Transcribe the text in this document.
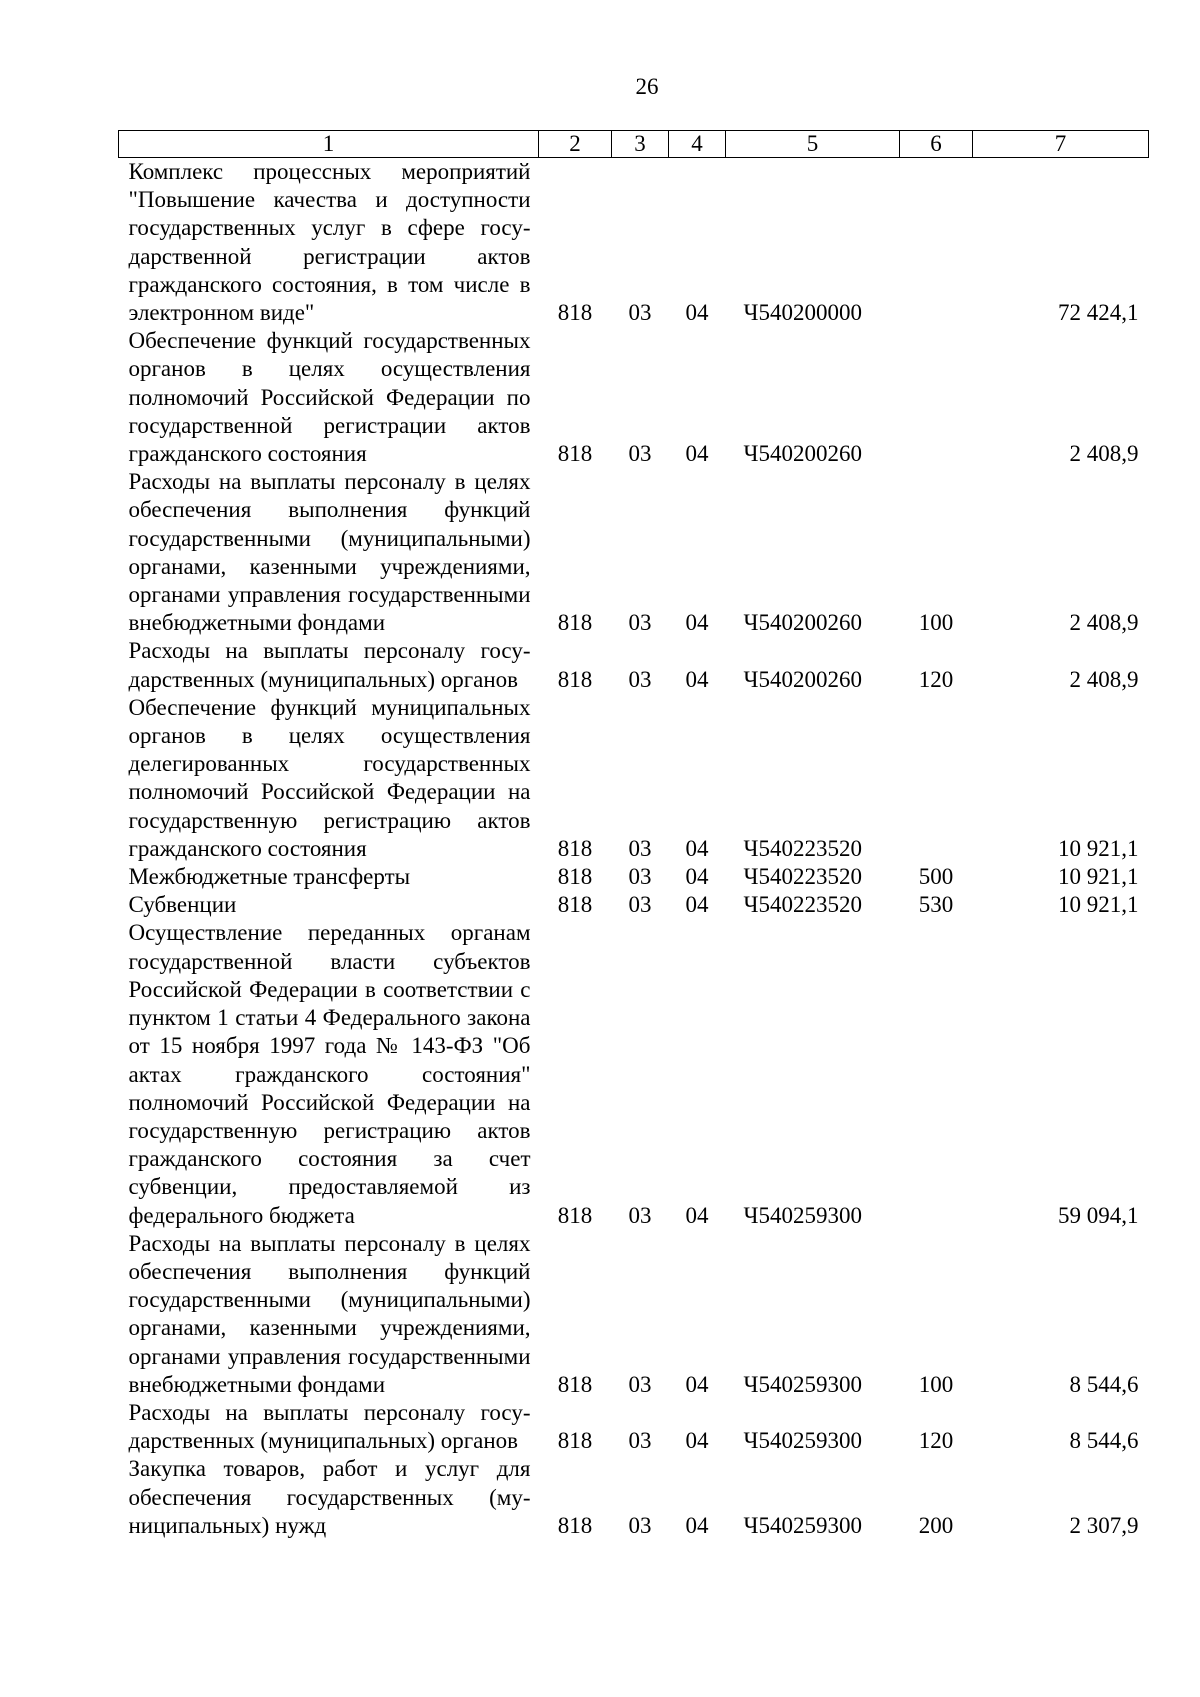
26
1	2	3	4	5	6	7
Комплекс процессных мероприятий "Повышение качества и доступности государственных услуг в сфере государственной регистрации актов гражданского состояния, в том числе в электронном виде"	818	03	04	Ч540200000		72 424,1
Обеспечение функций государственных органов в целях осуществления полномочий Российской Федерации по государственной регистрации актов гражданского состояния	818	03	04	Ч540200260		2 408,9
Расходы на выплаты персоналу в целях обеспечения выполнения функций государственными (муниципальными) органами, казенными учреждениями, органами управления государственными внебюджетными фондами	818	03	04	Ч540200260	100	2 408,9
Расходы на выплаты персоналу государственных (муниципальных) органов	818	03	04	Ч540200260	120	2 408,9
Обеспечение функций муниципальных органов в целях осуществления делегированных государственных полномочий Российской Федерации на государственную регистрацию актов гражданского состояния	818	03	04	Ч540223520		10 921,1
Межбюджетные трансферты	818	03	04	Ч540223520	500	10 921,1
Субвенции	818	03	04	Ч540223520	530	10 921,1
Осуществление переданных органам государственной власти субъектов Российской Федерации в соответствии с пунктом 1 статьи 4 Федерального закона от 15 ноября 1997 года № 143-ФЗ "Об актах гражданского состояния" полномочий Российской Федерации на государственную регистрацию актов гражданского состояния за счет субвенции, предоставляемой из федерального бюджета	818	03	04	Ч540259300		59 094,1
Расходы на выплаты персоналу в целях обеспечения выполнения функций государственными (муниципальными) органами, казенными учреждениями, органами управления государственными внебюджетными фондами	818	03	04	Ч540259300	100	8 544,6
Расходы на выплаты персоналу государственных (муниципальных) органов	818	03	04	Ч540259300	120	8 544,6
Закупка товаров, работ и услуг для обеспечения государственных (муниципальных) нужд	818	03	04	Ч540259300	200	2 307,9
